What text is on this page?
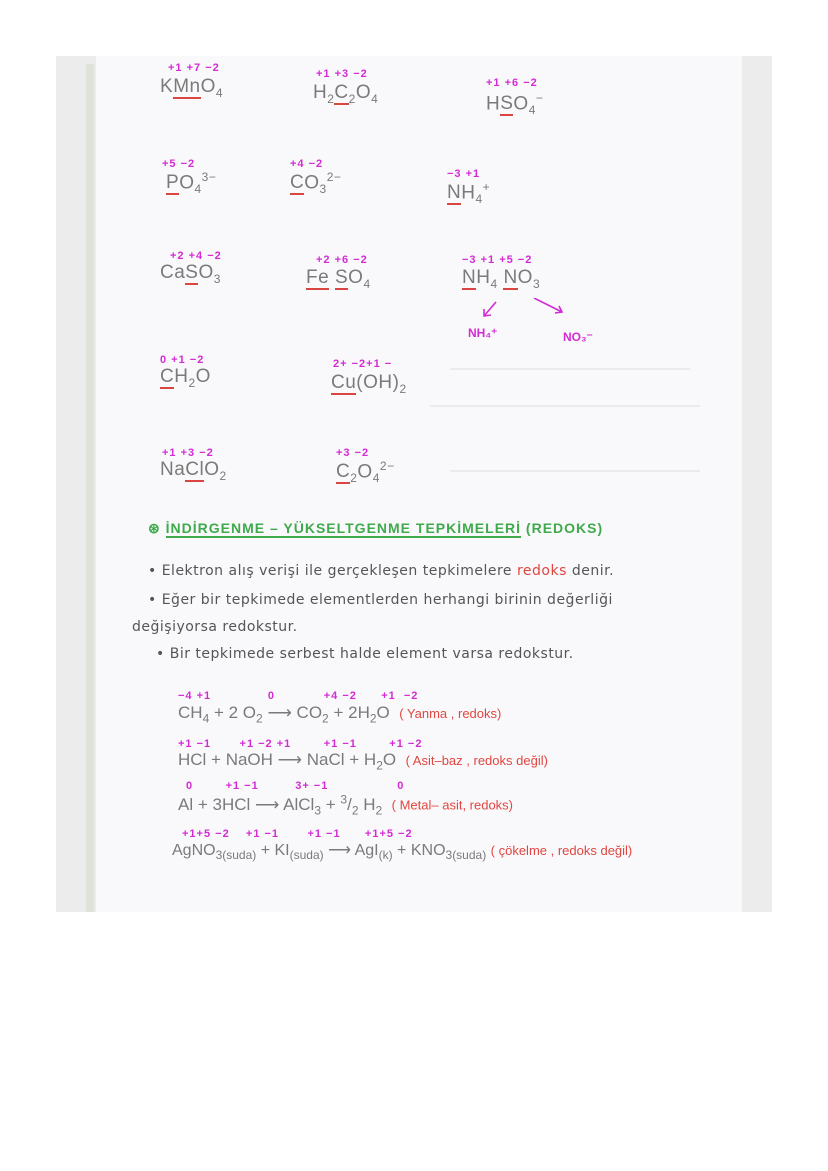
+1 +7 −2
KMnO$_4$
+1 +3 −2
$H_2C_2O_4$
+1 +6 −2
$HSO_4^-$
+5 −2
$PO_4^{3-}$
+4 −2
$CO_3^{2-}$	−3 +1
$NH_4^+$
+2 +4 −2
CaSO$_3$
+2 +6 −2
Fe $SO_4$
−3 +1 +5 −2
$NH_4$ $NO_3$
NH₄⁺	NO₃⁻
0 +1 −2
$CH_2O$
2+ −2+1 −
$Cu(OH)_2$
+1 +3 −2
NaClO$_2$
+3 −2
$C_2O_4^{2-}$
⊛ İNDİRGENME – YÜKSELTGENME TEPKİMELERİ (REDOKS)
• Elektron alış verişi ile gerçekleşen tepkimelere redoks denir.
• Eğer bir tepkimede elementlerden herhangi birinin değerliği
değişiyorsa redokstur.
• Bir tepkimede serbest halde element varsa redokstur.
−4 +1              0            +4 −2      +1  −2
$CH_4 + 2$ $O_2$ ⟶ $CO_2 + 2H_2O$ ( Yanma , redoks)
+1 −1       +1 −2 +1        +1 −1        +1 −2
HCl + NaOH ⟶ NaCl + $H_2O$ ( Asit–baz , redoks değil)
0        +1 −1         3+ −1                 0
Al + 3HCl ⟶ AlCl$_3$ + $^3/_2$ $H_2$ ( Metal– asit, redoks)
+1+5 −2    +1 −1       +1 −1      +1+5 −2
AgNO$_{3(suda)}$ + $KI_{(suda)}$ ⟶ $AgI_{(k)} + KNO_{3(suda)}$ ( çökelme , redoks değil)
